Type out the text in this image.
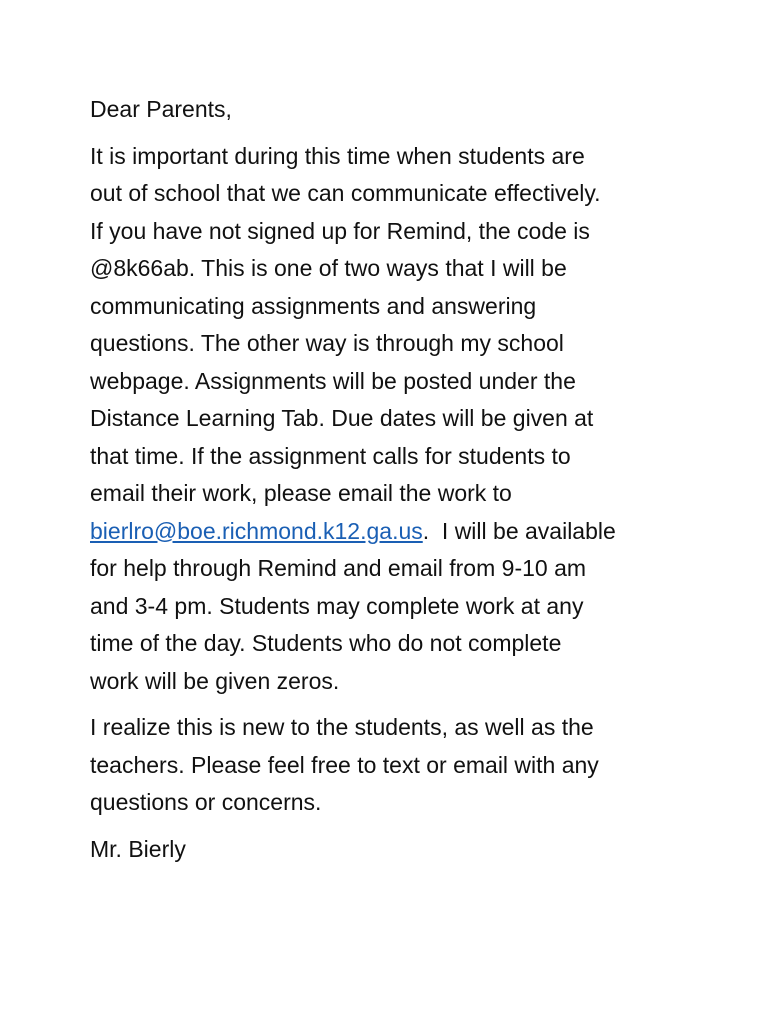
Dear Parents,

It is important during this time when students are
out of school that we can communicate effectively.
If you have not signed up for Remind, the code is
@8k66ab. This is one of two ways that I will be
communicating assignments and answering
questions. The other way is through my school
webpage. Assignments will be posted under the
Distance Learning Tab. Due dates will be given at
that time. If the assignment calls for students to
email their work, please email the work to
bierlro@boe.richmond.k12.ga.us.  I will be available
for help through Remind and email from 9-10 am
and 3-4 pm. Students may complete work at any
time of the day. Students who do not complete
work will be given zeros.

I realize this is new to the students, as well as the
teachers. Please feel free to text or email with any
questions or concerns.

Mr. Bierly
